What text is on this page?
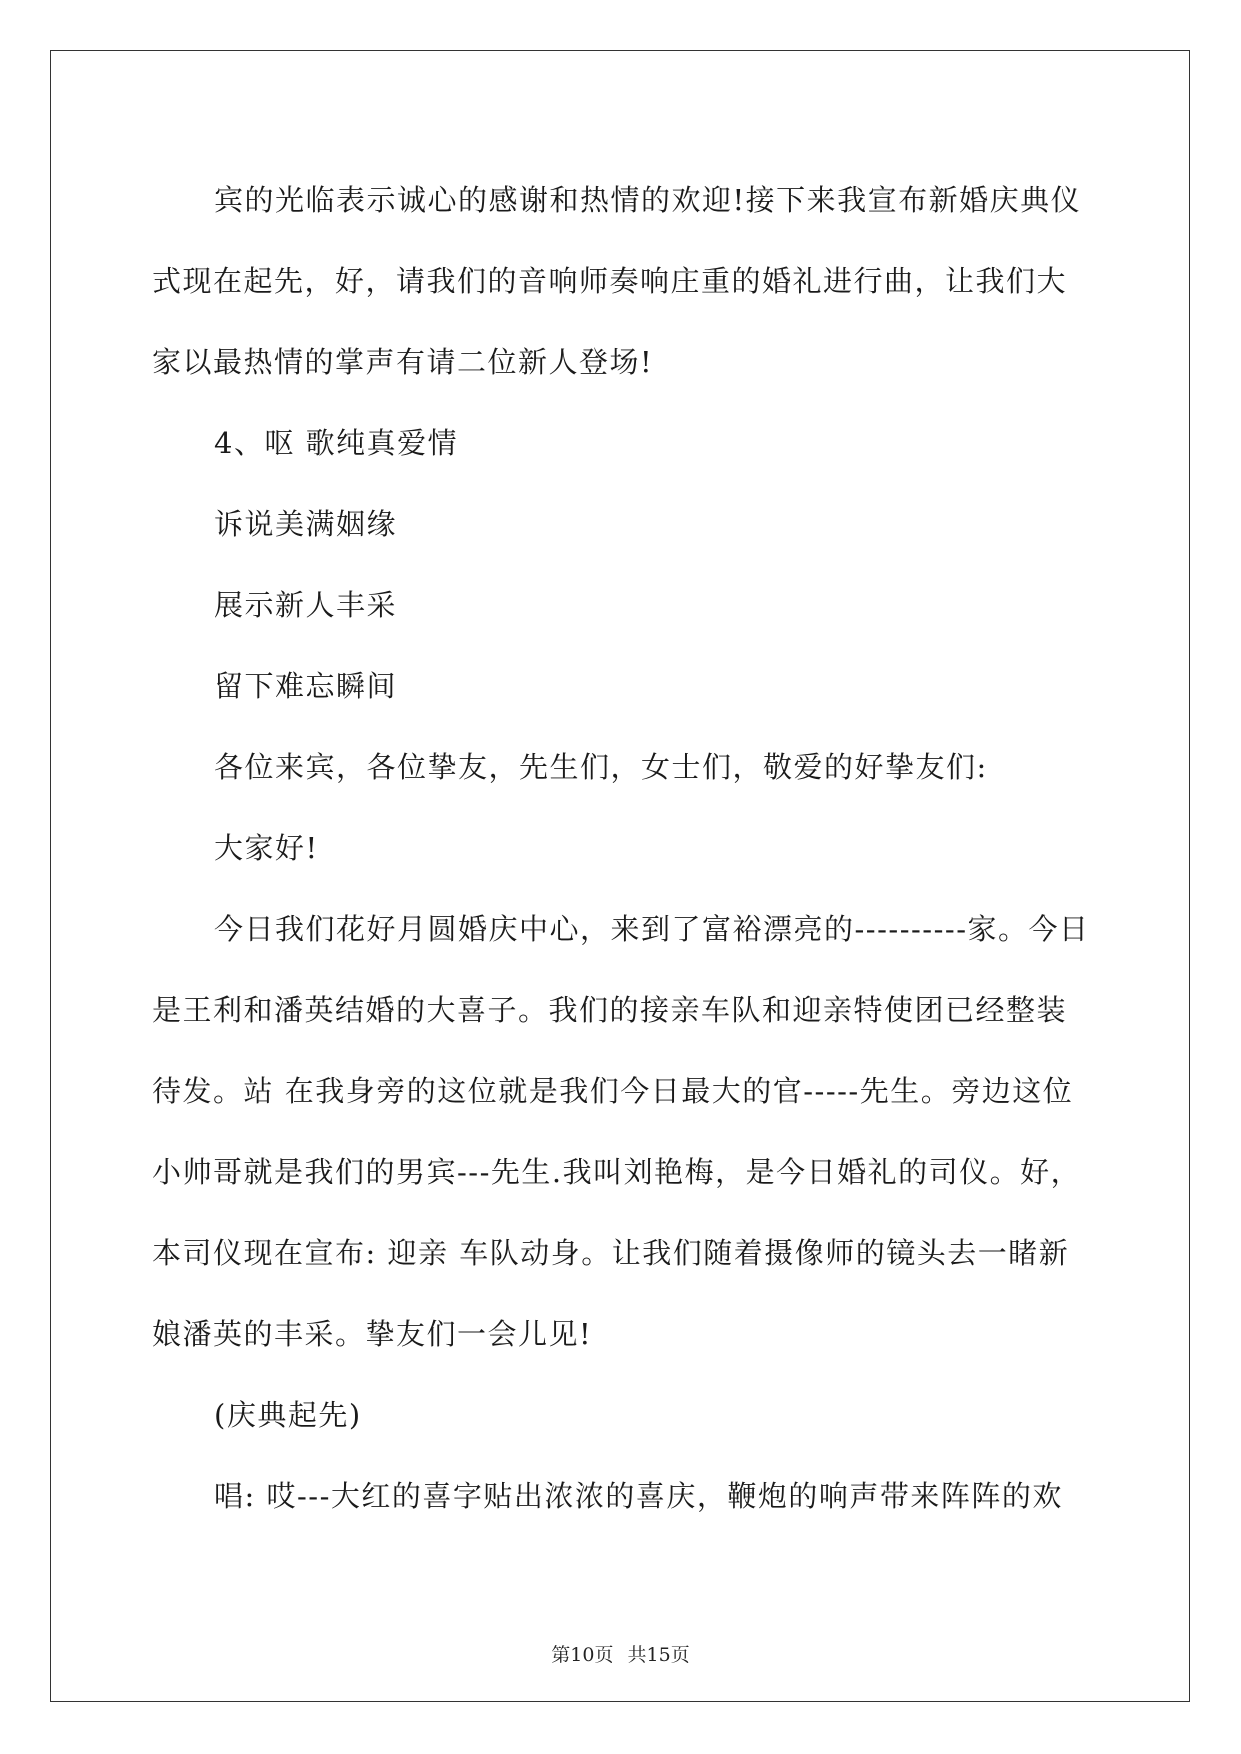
宾的光临表示诚心的感谢和热情的欢迎!接下来我宣布新婚庆典仪式现在起先，好，请我们的音响师奏响庄重的婚礼进行曲，让我们大家以最热情的掌声有请二位新人登场!

4、呕 歌纯真爱情

诉说美满姻缘

展示新人丰采

留下难忘瞬间

各位来宾，各位挚友，先生们，女士们，敬爱的好挚友们:

大家好!

今日我们花好月圆婚庆中心，来到了富裕漂亮的----------家。今日是王利和潘英结婚的大喜子。我们的接亲车队和迎亲特使团已经整装待发。站 在我身旁的这位就是我们今日最大的官-----先生。旁边这位小帅哥就是我们的男宾---先生.我叫刘艳梅，是今日婚礼的司仪。好，本司仪现在宣布: 迎亲 车队动身。让我们随着摄像师的镜头去一睹新娘潘英的丰采。挚友们一会儿见!

(庆典起先)

唱: 哎---大红的喜字贴出浓浓的喜庆，鞭炮的响声带来阵阵的欢

第10页 共15页
